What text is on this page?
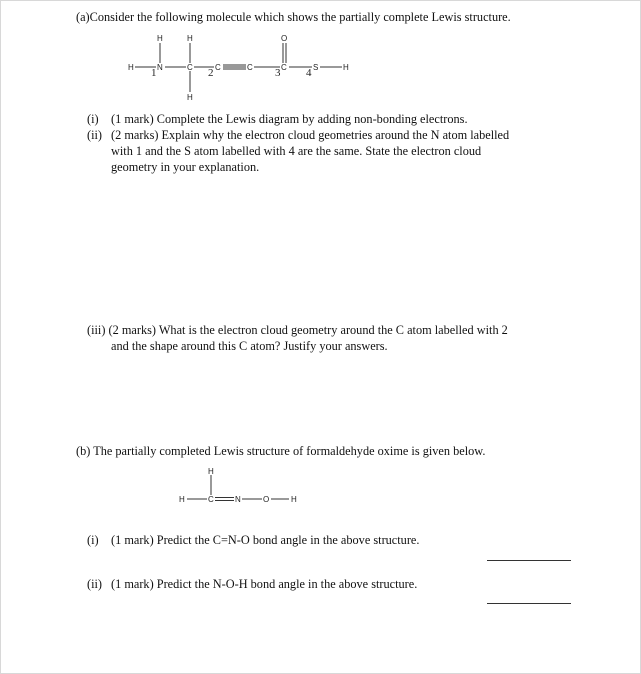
(a)Consider the following molecule which shows the partially complete Lewis structure.
H	N
1	C	C
2	C	C
3	S
4	H
H	H
H
O
H	C	N	O	H
H
(i) (1 mark) Complete the Lewis diagram by adding non-bonding electrons.
(ii) (2 marks) Explain why the electron cloud geometries around the N atom labelled
with 1 and the S atom labelled with 4 are the same. State the electron cloud
geometry in your explanation.
(iii) (2 marks) What is the electron cloud geometry around the C atom labelled with 2
and the shape around this C atom? Justify your answers.
(b) The partially completed Lewis structure of formaldehyde oxime is given below.
(i) (1 mark) Predict the C=N-O bond angle in the above structure.
(ii) (1 mark) Predict the N-O-H bond angle in the above structure.
